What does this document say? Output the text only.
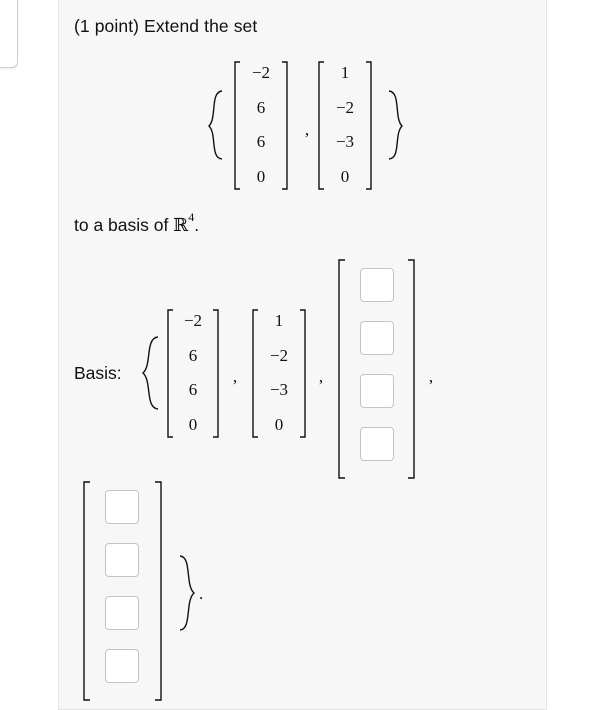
(1 point) Extend the set
−2
6
6
0
,
1
−2
−3
0
−2
6
6
0
,
1
−2
−3
0
,	,
.
to a basis of ℝ$^4$.
Basis:
